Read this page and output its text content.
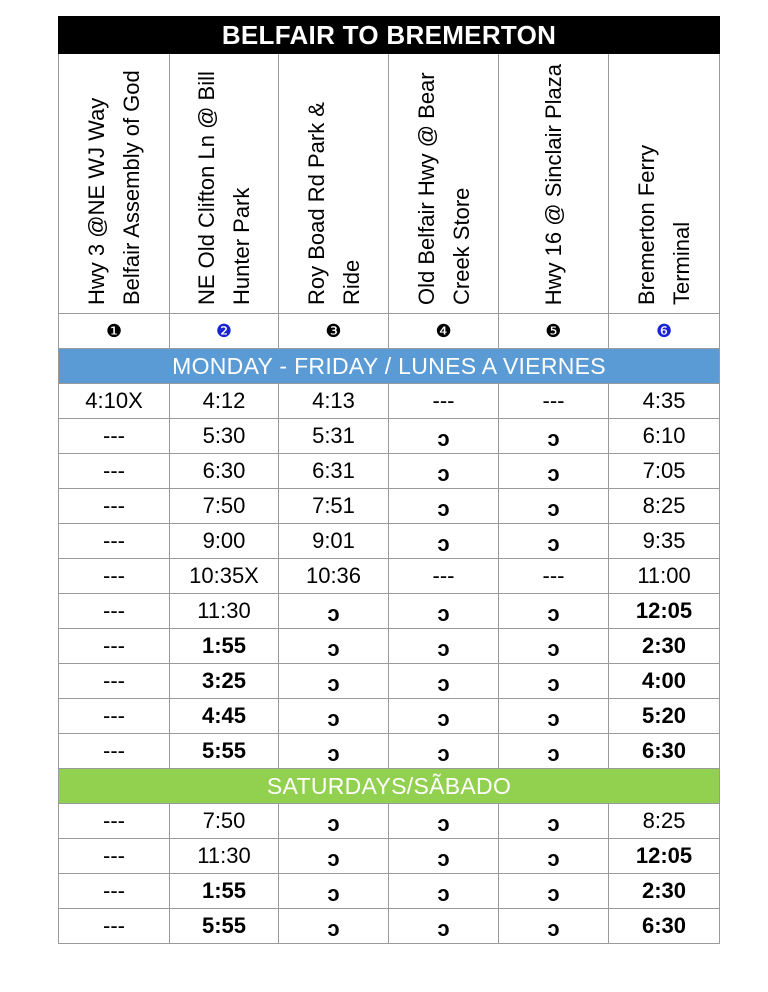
BELFAIR TO BREMERTON					

Hwy 3 @NE WJ Way Belfair Assembly of God	NE Old Clifton Ln @ Bill Hunter Park	Roy Boad Rd Park & Ride	Old Belfair Hwy @ Bear Creek Store	Hwy 16 @ Sinclair Plaza	Bremerton Ferry Terminal

❶	❷	❸	❹	❺	❻
MONDAY - FRIDAY / LUNES A VIERNES					
4:10X	4:12	4:13	---	---	4:35
---	5:30	5:31	ↄ	ↄ	6:10
---	6:30	6:31	ↄ	ↄ	7:05
---	7:50	7:51	ↄ	ↄ	8:25
---	9:00	9:01	ↄ	ↄ	9:35
---	10:35X	10:36	---	---	11:00
---	11:30	ↄ	ↄ	ↄ	12:05
---	1:55	ↄ	ↄ	ↄ	2:30
---	3:25	ↄ	ↄ	ↄ	4:00
---	4:45	ↄ	ↄ	ↄ	5:20
---	5:55	ↄ	ↄ	ↄ	6:30
SATURDAYS/SÃBADO					
---	7:50	ↄ	ↄ	ↄ	8:25
---	11:30	ↄ	ↄ	ↄ	12:05
---	1:55	ↄ	ↄ	ↄ	2:30
---	5:55	ↄ	ↄ	ↄ	6:30
